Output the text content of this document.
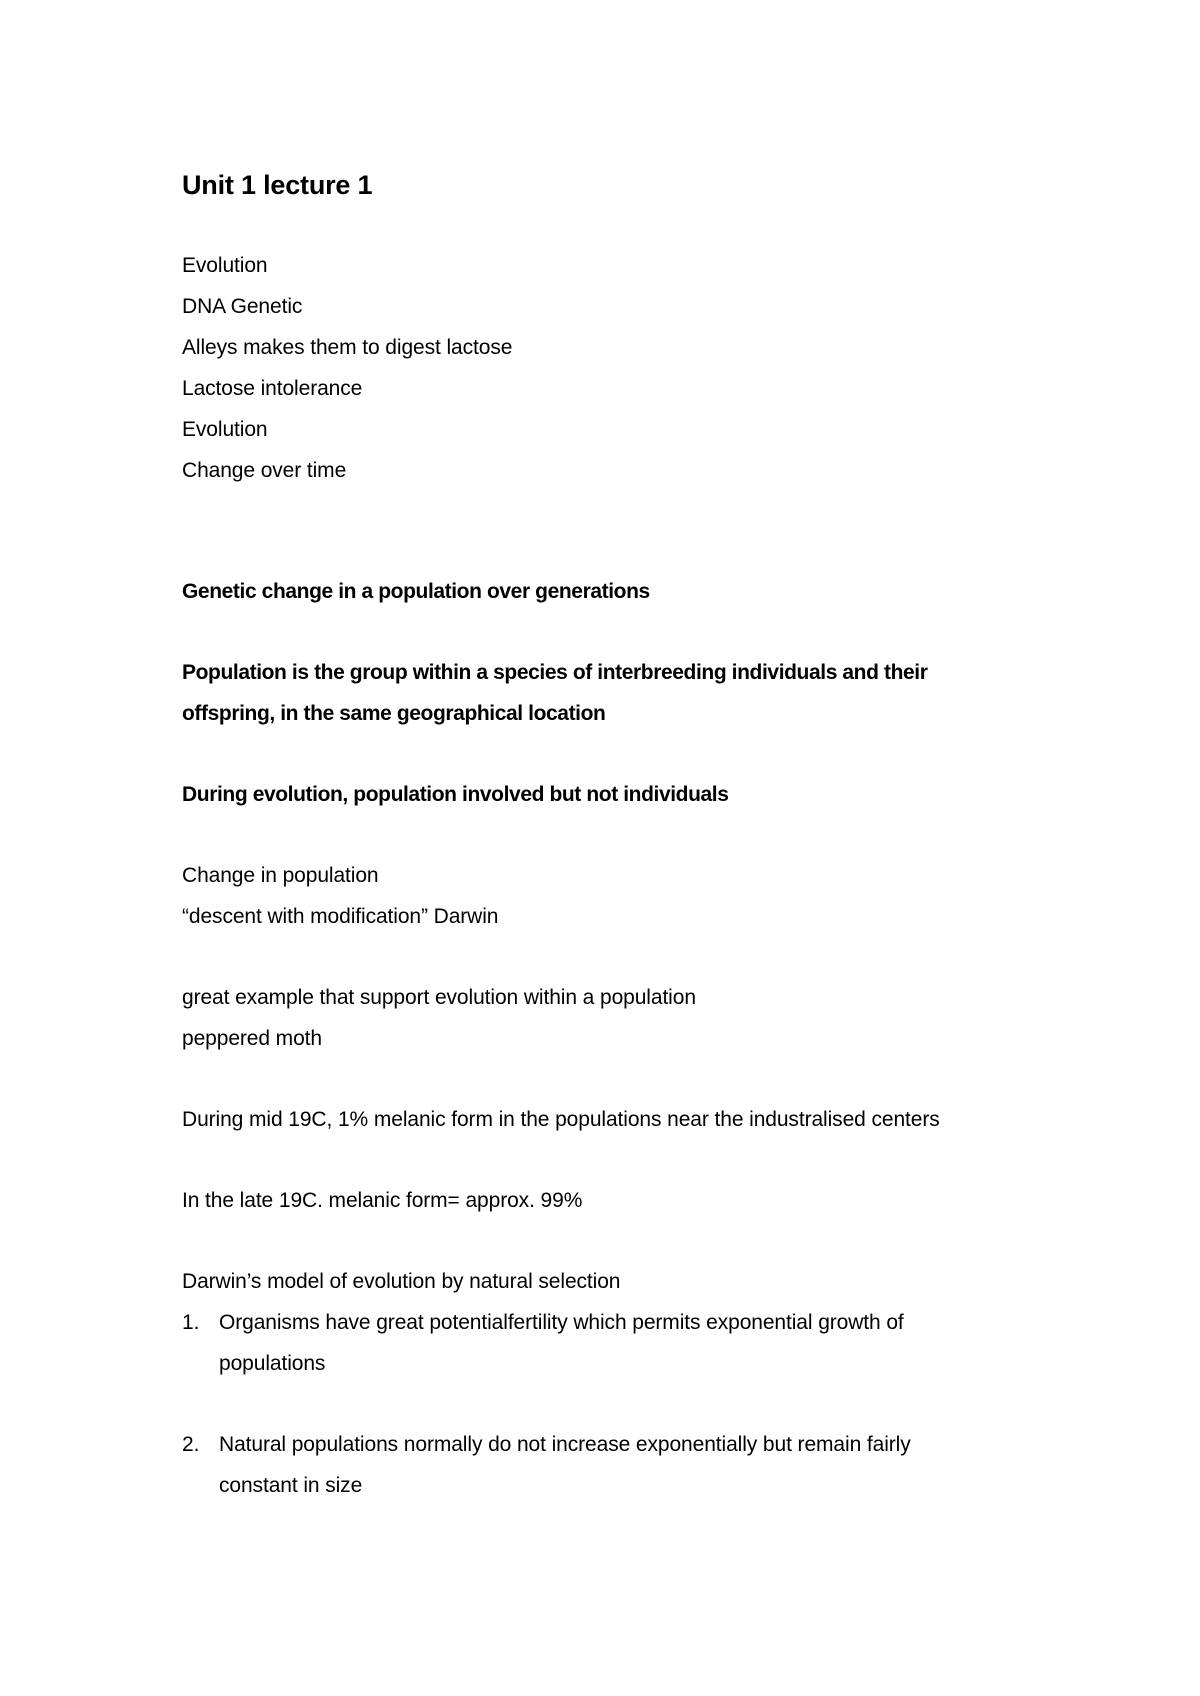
Unit 1 lecture 1

Evolution

DNA Genetic

Alleys makes them to digest lactose

Lactose intolerance

Evolution

Change over time

Genetic change in a population over generations

Population is the group within a species of interbreeding individuals and their

offspring, in the same geographical location

During evolution, population involved but not individuals

Change in population

“descent with modification” Darwin

great example that support evolution within a population

peppered moth

During mid 19C, 1% melanic form in the populations near the industralised centers

In the late 19C. melanic form= approx. 99%

Darwin’s model of evolution by natural selection

1. Organisms have great potentialfertility which permits exponential growth of

populations

2. Natural populations normally do not increase exponentially but remain fairly

constant in size
